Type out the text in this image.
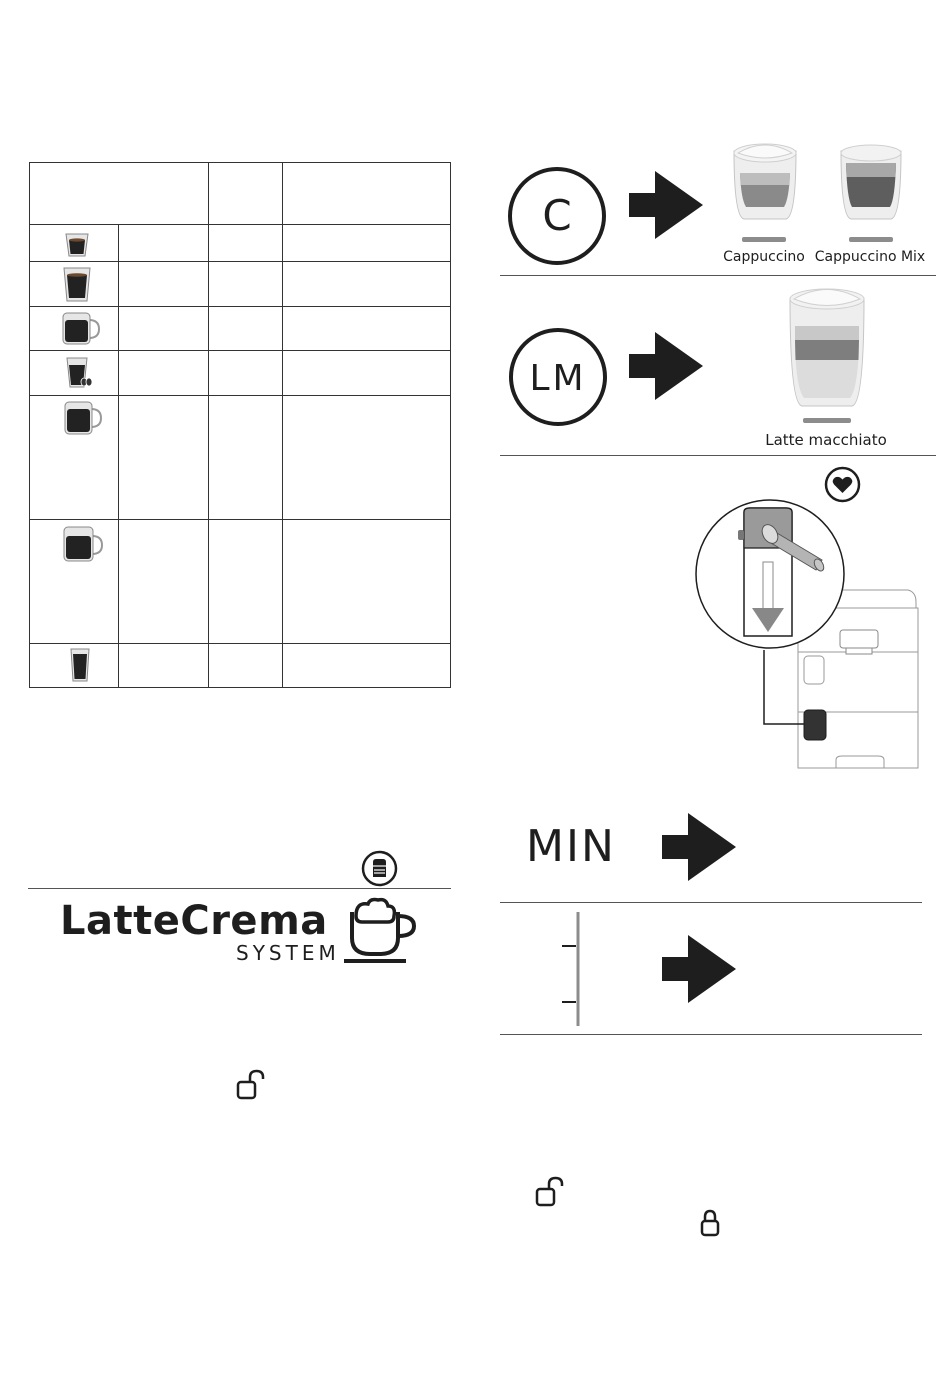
C
Cappuccino Cappuccino Mix
LM
Latte macchiato
MIN
LatteCrema
SYSTEM
